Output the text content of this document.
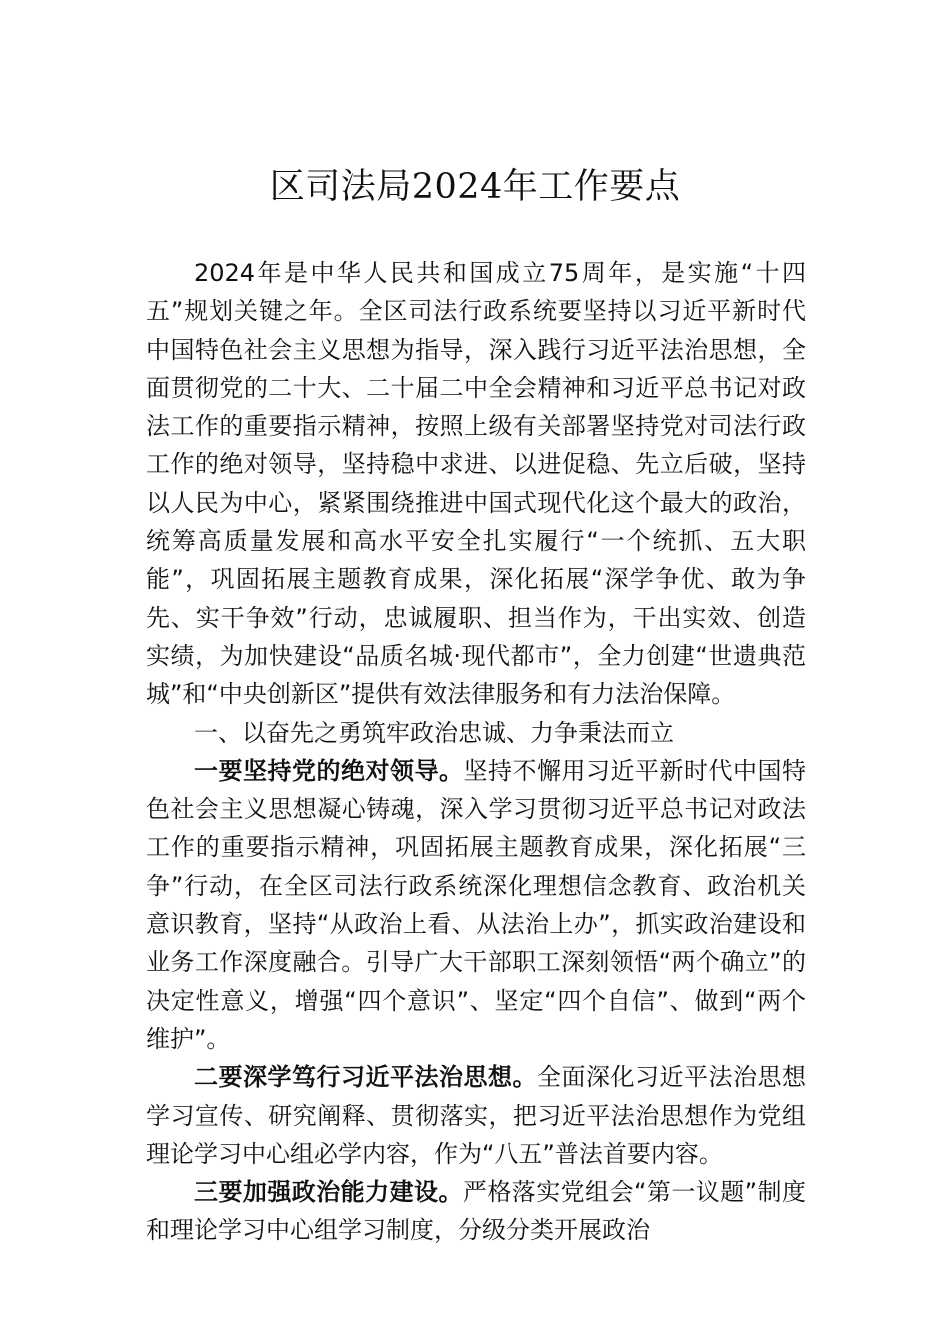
区司法局2024年工作要点

2024年是中华人民共和国成立75周年，是实施“十四五”规划关键之年。全区司法行政系统要坚持以习近平新时代中国特色社会主义思想为指导，深入践行习近平法治思想，全面贯彻党的二十大、二十届二中全会精神和习近平总书记对政法工作的重要指示精神，按照上级有关部署坚持党对司法行政工作的绝对领导，坚持稳中求进、以进促稳、先立后破，坚持以人民为中心，紧紧围绕推进中国式现代化这个最大的政治，统筹高质量发展和高水平安全扎实履行“一个统抓、五大职能”，巩固拓展主题教育成果，深化拓展“深学争优、敢为争先、实干争效”行动，忠诚履职、担当作为，干出实效、创造实绩，为加快建设“品质名城·现代都市”，全力创建“世遗典范城”和“中央创新区”提供有效法律服务和有力法治保障。

一、以奋先之勇筑牢政治忠诚、力争秉法而立

一要坚持党的绝对领导。坚持不懈用习近平新时代中国特色社会主义思想凝心铸魂，深入学习贯彻习近平总书记对政法工作的重要指示精神，巩固拓展主题教育成果，深化拓展“三争”行动，在全区司法行政系统深化理想信念教育、政治机关意识教育，坚持“从政治上看、从法治上办”，抓实政治建设和业务工作深度融合。引导广大干部职工深刻领悟“两个确立”的决定性意义，增强“四个意识”、坚定“四个自信”、做到“两个维护”。

二要深学笃行习近平法治思想。全面深化习近平法治思想学习宣传、研究阐释、贯彻落实，把习近平法治思想作为党组理论学习中心组必学内容，作为“八五”普法首要内容。

三要加强政治能力建设。严格落实党组会“第一议题”制度和理论学习中心组学习制度，分级分类开展政治
